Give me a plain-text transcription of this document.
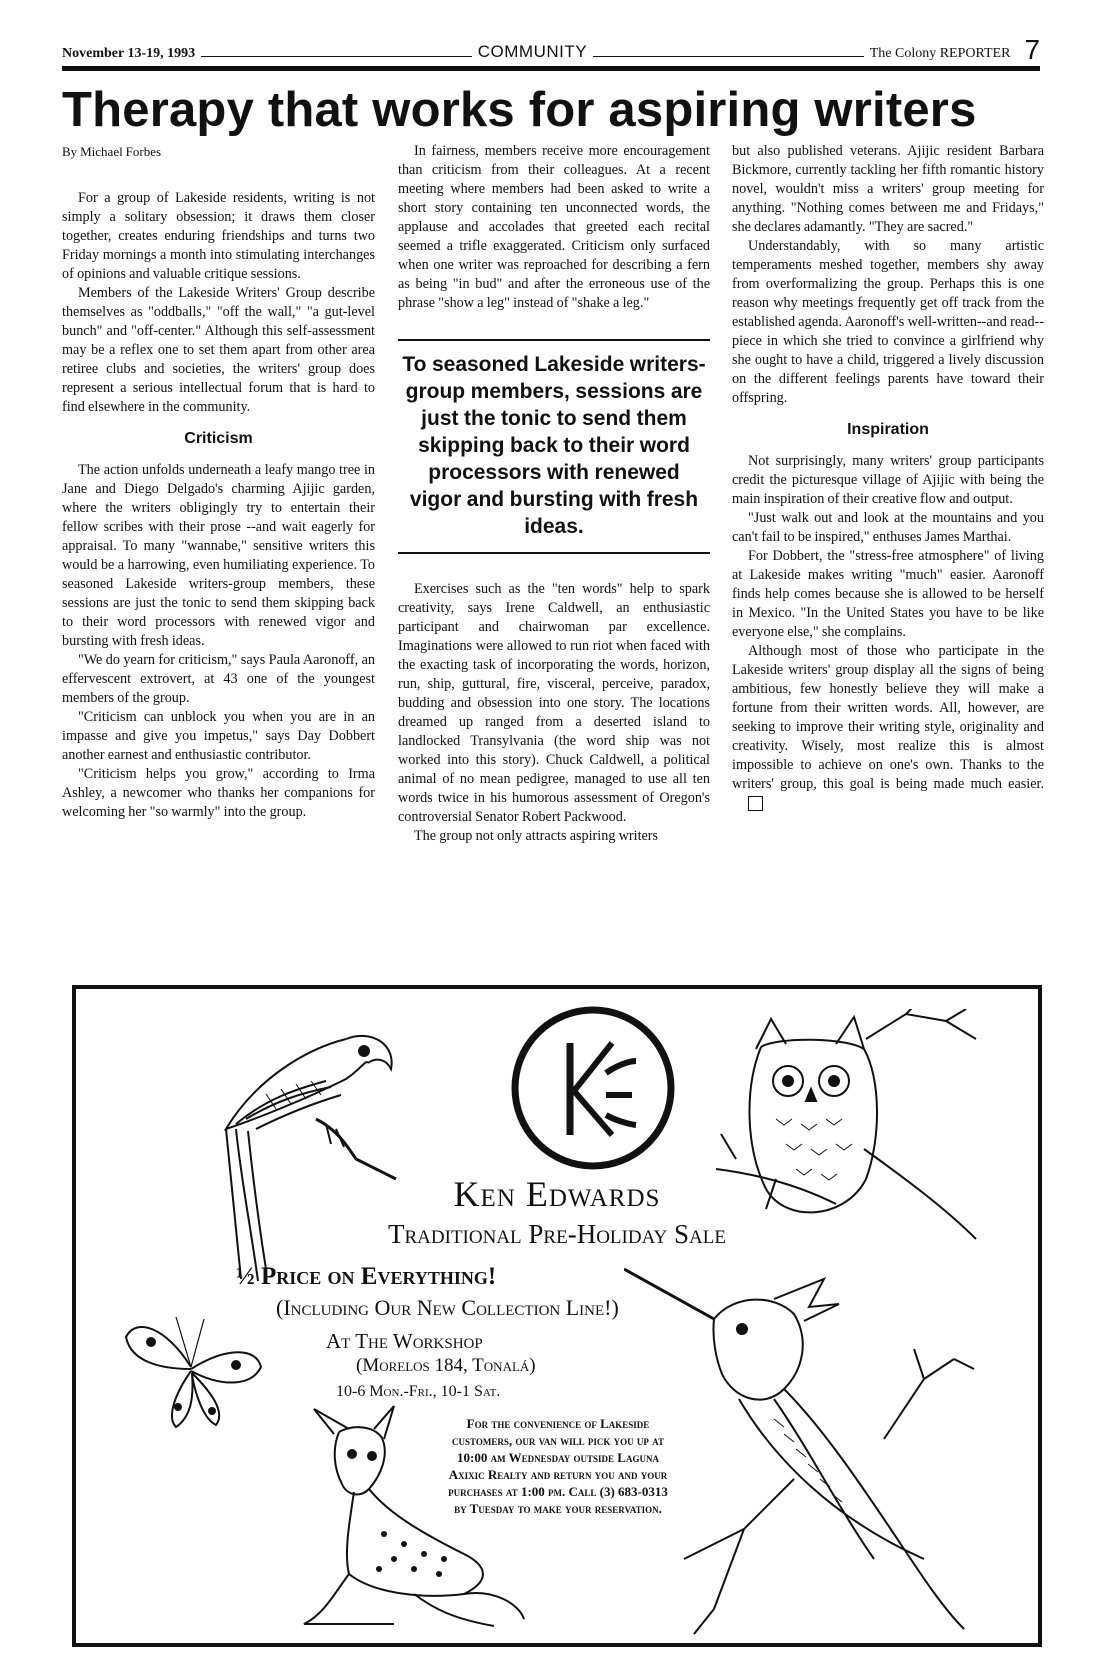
November 13-19, 1993	COMMUNITY	The Colony REPORTER 7
Therapy that works for aspiring writers

By Michael Forbes

For a group of Lakeside residents, writing is not simply a solitary obsession; it draws them closer together, creates enduring friendships and turns two Friday mornings a month into stimulating interchanges of opinions and valuable critique sessions.

Members of the Lakeside Writers' Group describe themselves as "oddballs," "off the wall," "a gut-level bunch" and "off-center." Although this self-assessment may be a reflex one to set them apart from other area retiree clubs and societies, the writers' group does represent a serious intellectual forum that is hard to find elsewhere in the community.

Criticism

The action unfolds underneath a leafy mango tree in Jane and Diego Delgado's charming Ajijic garden, where the writers obligingly try to entertain their fellow scribes with their prose --and wait eagerly for appraisal. To many "wannabe," sensitive writers this would be a harrowing, even humiliating experience. To seasoned Lakeside writers-group members, these sessions are just the tonic to send them skipping back to their word processors with renewed vigor and bursting with fresh ideas.

"We do yearn for criticism," says Paula Aaronoff, an effervescent extrovert, at 43 one of the youngest members of the group.

"Criticism can unblock you when you are in an impasse and give you impetus," says Day Dobbert another earnest and enthusiastic contributor.

"Criticism helps you grow," according to Irma Ashley, a newcomer who thanks her companions for welcoming her "so warmly" into the group.

In fairness, members receive more encouragement than criticism from their colleagues. At a recent meeting where members had been asked to write a short story containing ten unconnected words, the applause and accolades that greeted each recital seemed a trifle exaggerated. Criticism only surfaced when one writer was reproached for describing a fern as being "in bud" and after the erroneous use of the phrase "show a leg" instead of "shake a leg."

To seasoned Lakeside writers-group members, sessions are just the tonic to send them skipping back to their word processors with renewed vigor and bursting with fresh ideas.

Exercises such as the "ten words" help to spark creativity, says Irene Caldwell, an enthusiastic participant and chairwoman par excellence. Imaginations were allowed to run riot when faced with the exacting task of incorporating the words, horizon, run, ship, guttural, fire, visceral, perceive, paradox, budding and obsession into one story. The locations dreamed up ranged from a deserted island to landlocked Transylvania (the word ship was not worked into this story). Chuck Caldwell, a political animal of no mean pedigree, managed to use all ten words twice in his humorous assessment of Oregon's controversial Senator Robert Packwood.

The group not only attracts aspiring writers

but also published veterans. Ajijic resident Barbara Bickmore, currently tackling her fifth romantic history novel, wouldn't miss a writers' group meeting for anything. "Nothing comes between me and Fridays," she declares adamantly. "They are sacred."

Understandably, with so many artistic temperaments meshed together, members shy away from overformalizing the group. Perhaps this is one reason why meetings frequently get off track from the established agenda. Aaronoff's well-written--and read--piece in which she tried to convince a girlfriend why she ought to have a child, triggered a lively discussion on the different feelings parents have toward their offspring.

Inspiration

Not surprisingly, many writers' group participants credit the picturesque village of Ajijic with being the main inspiration of their creative flow and output.

"Just walk out and look at the mountains and you can't fail to be inspired," enthuses James Marthai.

For Dobbert, the "stress-free atmosphere" of living at Lakeside makes writing "much" easier. Aaronoff finds help comes because she is allowed to be herself in Mexico. "In the United States you have to be like everyone else," she complains.

Although most of those who participate in the Lakeside writers' group display all the signs of being ambitious, few honestly believe they will make a fortune from their written words. All, however, are seeking to improve their writing style, originality and creativity. Wisely, most realize this is almost impossible to achieve on one's own. Thanks to the writers' group, this goal is being made much easier.

Ken Edwards
Traditional Pre-Holiday Sale
½ Price on Everything!
(Including Our New Collection Line!)
At The Workshop
(Morelos 184, Tonalá)
10-6 Mon.-Fri., 10-1 Sat.
For the convenience of Lakeside customers, our van will pick you up at 10:00 am Wednesday outside Laguna Axixic Realty and return you and your purchases at 1:00 pm. Call (3) 683-0313 by Tuesday to make your reservation.
